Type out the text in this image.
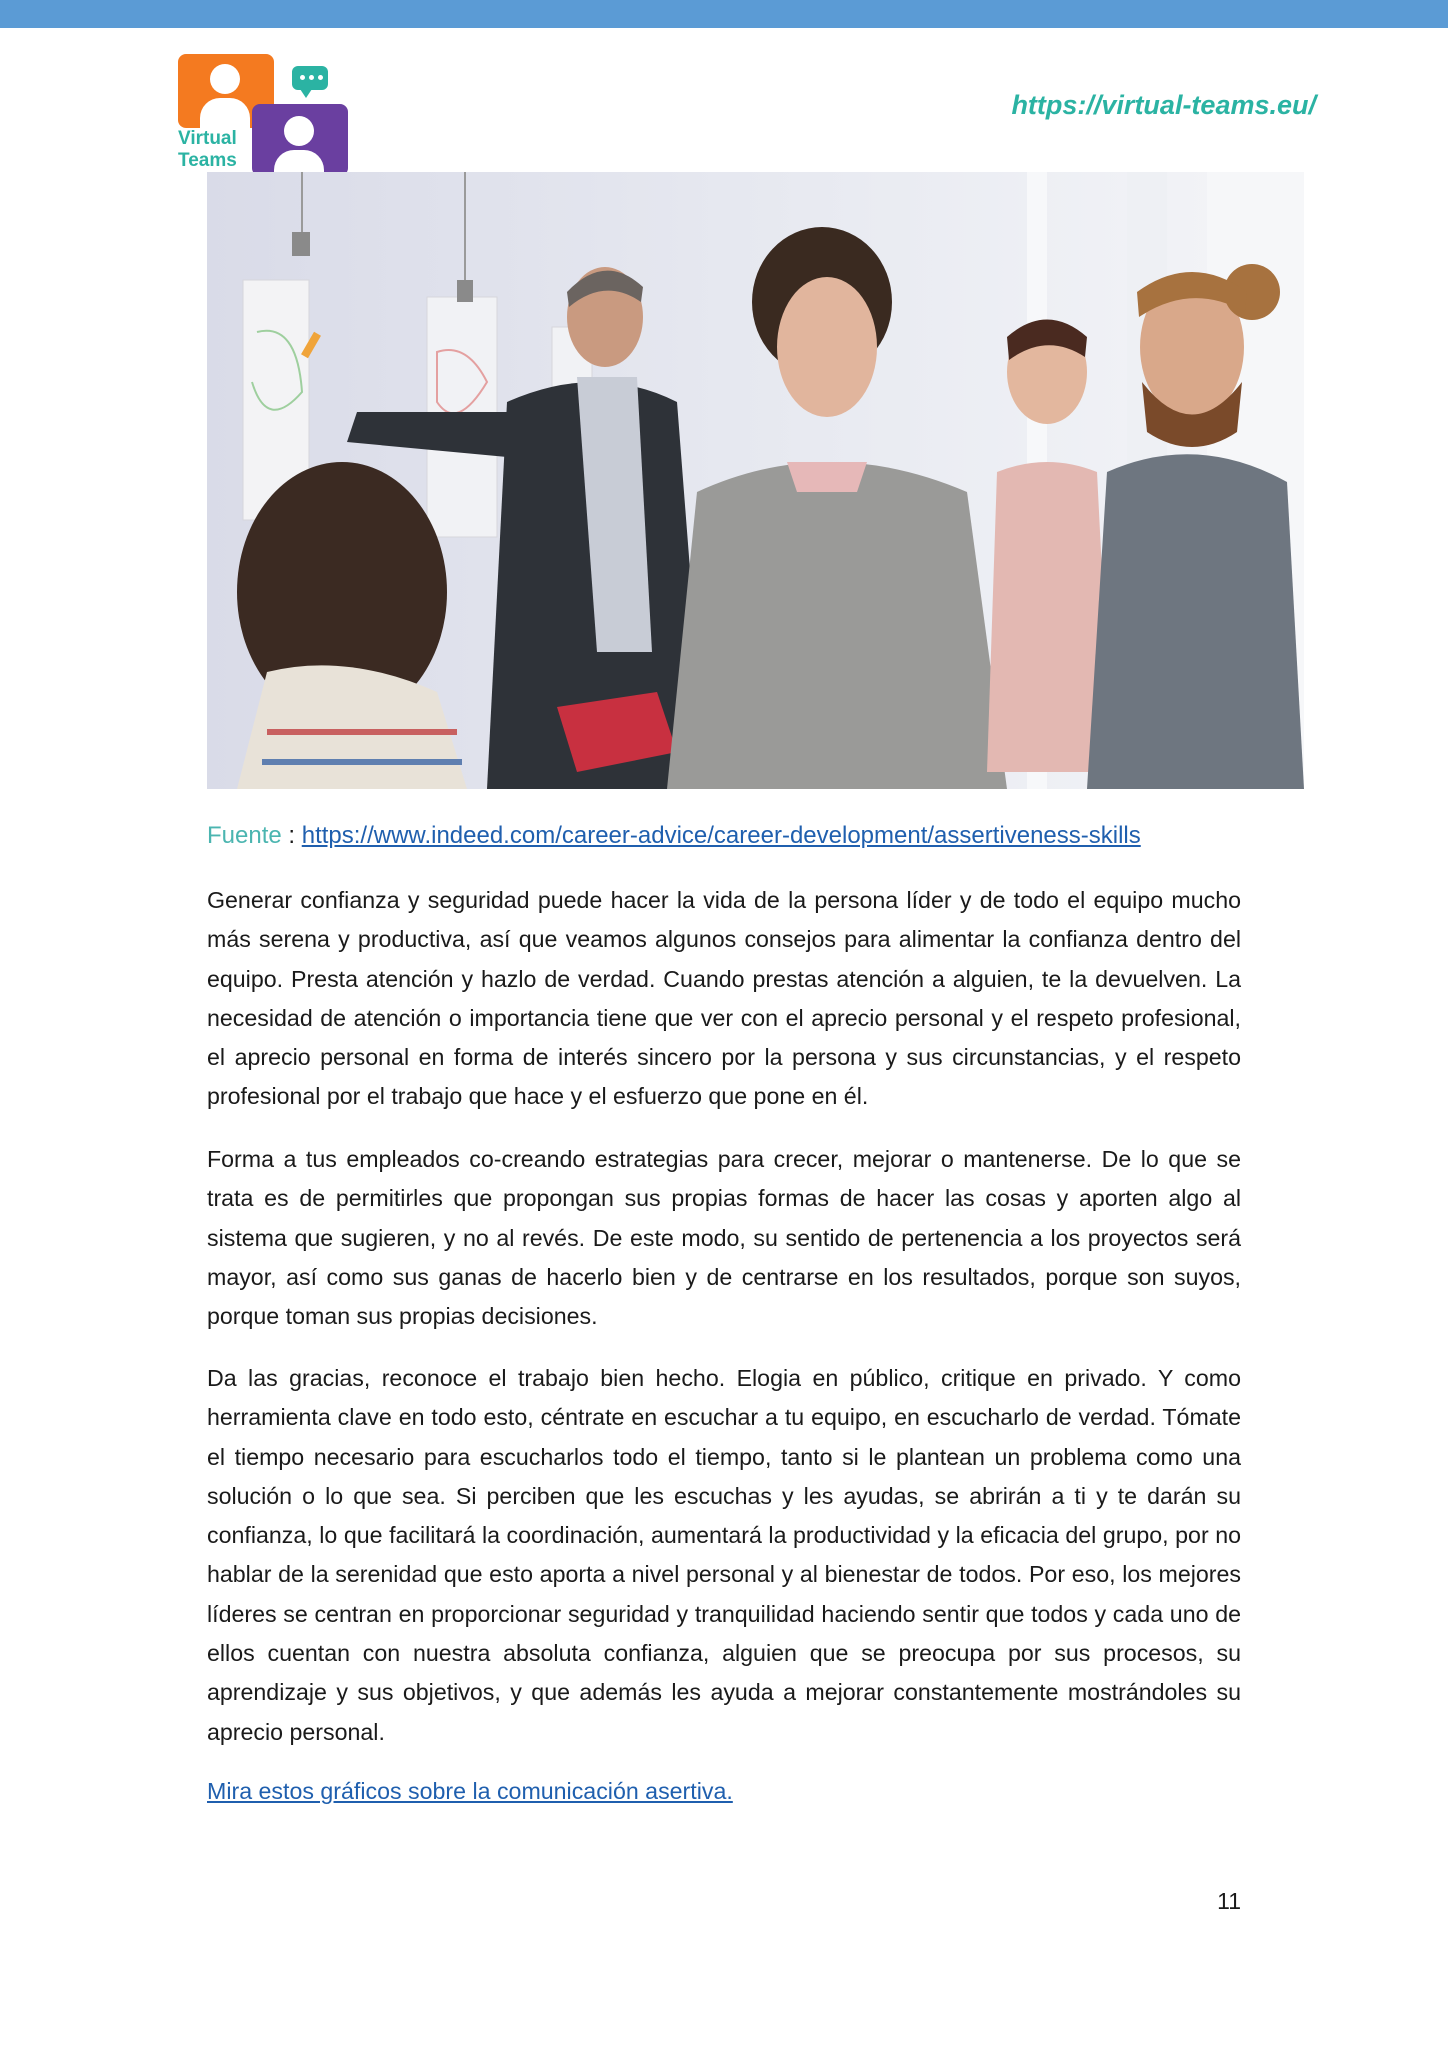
Virtual
Teams
https://virtual-teams.eu/
Fuente : https://www.indeed.com/career-advice/career-development/assertiveness-skills

Generar confianza y seguridad puede hacer la vida de la persona líder y de todo el equipo mucho más serena y productiva, así que veamos algunos consejos para alimentar la confianza dentro del equipo. Presta atención y hazlo de verdad. Cuando prestas atención a alguien, te la devuelven. La necesidad de atención o importancia tiene que ver con el aprecio personal y el respeto profesional, el aprecio personal en forma de interés sincero por la persona y sus circunstancias, y el respeto profesional por el trabajo que hace y el esfuerzo que pone en él.

Forma a tus empleados co-creando estrategias para crecer, mejorar o mantenerse. De lo que se trata es de permitirles que propongan sus propias formas de hacer las cosas y aporten algo al sistema que sugieren, y no al revés. De este modo, su sentido de pertenencia a los proyectos será mayor, así como sus ganas de hacerlo bien y de centrarse en los resultados, porque son suyos, porque toman sus propias decisiones.

Da las gracias, reconoce el trabajo bien hecho. Elogia en público, critique en privado. Y como herramienta clave en todo esto, céntrate en escuchar a tu equipo, en escucharlo de verdad. Tómate el tiempo necesario para escucharlos todo el tiempo, tanto si le plantean un problema como una solución o lo que sea. Si perciben que les escuchas y les ayudas, se abrirán a ti y te darán su confianza, lo que facilitará la coordinación, aumentará la productividad y la eficacia del grupo, por no hablar de la serenidad que esto aporta a nivel personal y al bienestar de todos. Por eso, los mejores líderes se centran en proporcionar seguridad y tranquilidad haciendo sentir que todos y cada uno de ellos cuentan con nuestra absoluta confianza, alguien que se preocupa por sus procesos, su aprendizaje y sus objetivos, y que además les ayuda a mejorar constantemente mostrándoles su aprecio personal.

Mira estos gráficos sobre la comunicación asertiva.
11
